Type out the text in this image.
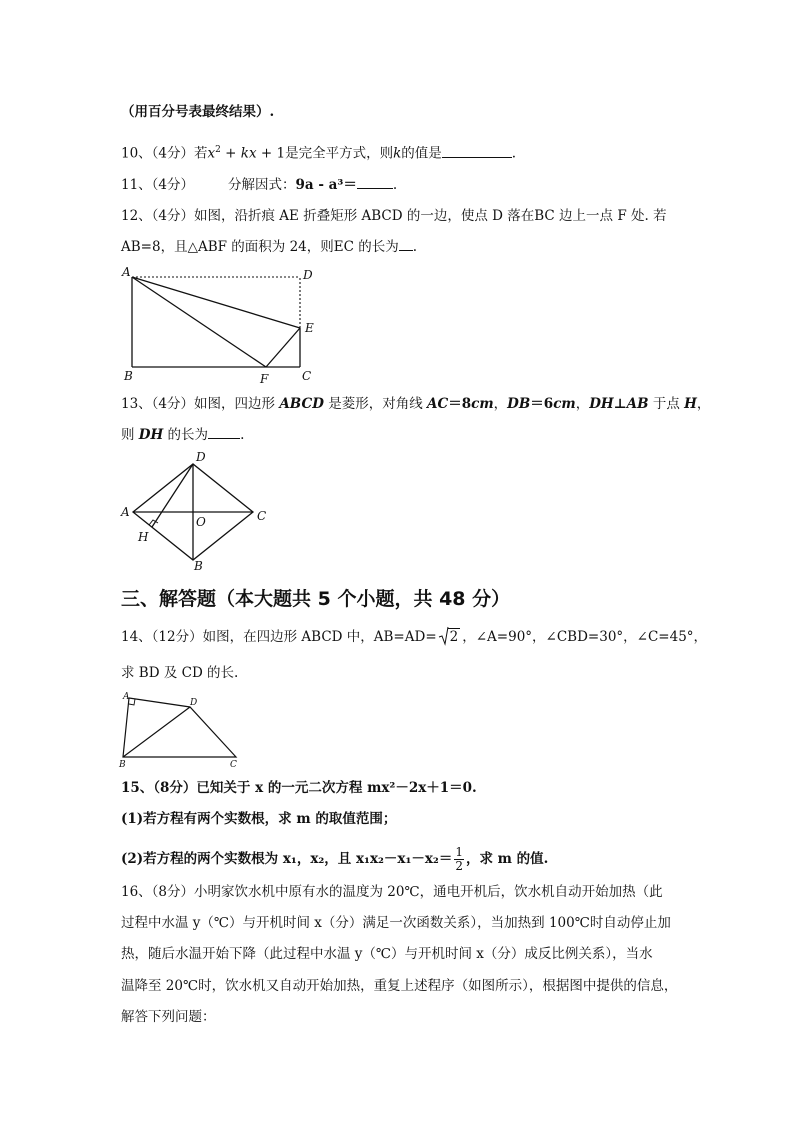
（用百分号表最终结果）.
10、（4分）若$x^2$ + kx + 1是完全平方式，则k的值是	.
11、（4分）	分解因式：9a - a³＝	.
12、（4分）如图，沿折痕 AE 折叠矩形 ABCD 的一边，使点 D 落在BC 边上一点 F 处. 若
AB=8，且△ABF 的面积为 24，则EC 的长为 .
A
B	C
D
E
F
13、（4分）如图，四边形 ABCD 是菱形，对角线 AC＝8cm，DB＝6cm，DH⊥AB 于点 H，
则 DH 的长为 .
A	C
D
B
O
H
三、解答题（本大题共 5 个小题，共 48 分）
14、（12分）如图，在四边形 ABCD 中，AB=AD= 2 ，∠A=90°，∠CBD=30°，∠C=45°，
求 BD 及 CD 的长.
A
B	C
D
15、（8分）已知关于 x 的一元二次方程 mx²－2x＋1＝0.
(1)若方程有两个实数根，求 m 的取值范围；
(2)若方程的两个实数根为 x₁，x₂，且 $x_1x_2-x_1-x_2= \frac{1}{2}$ ，求 m 的值.
16、（8分）小明家饮水机中原有水的温度为 20℃，通电开机后，饮水机自动开始加热（此
过程中水温 y（℃）与开机时间 x（分）满足一次函数关系），当加热到 100℃时自动停止加
热，随后水温开始下降（此过程中水温 y（℃）与开机时间 x（分）成反比例关系），当水
温降至 20℃时，饮水机又自动开始加热，重复上述程序（如图所示），根据图中提供的信息，
解答下列问题：
